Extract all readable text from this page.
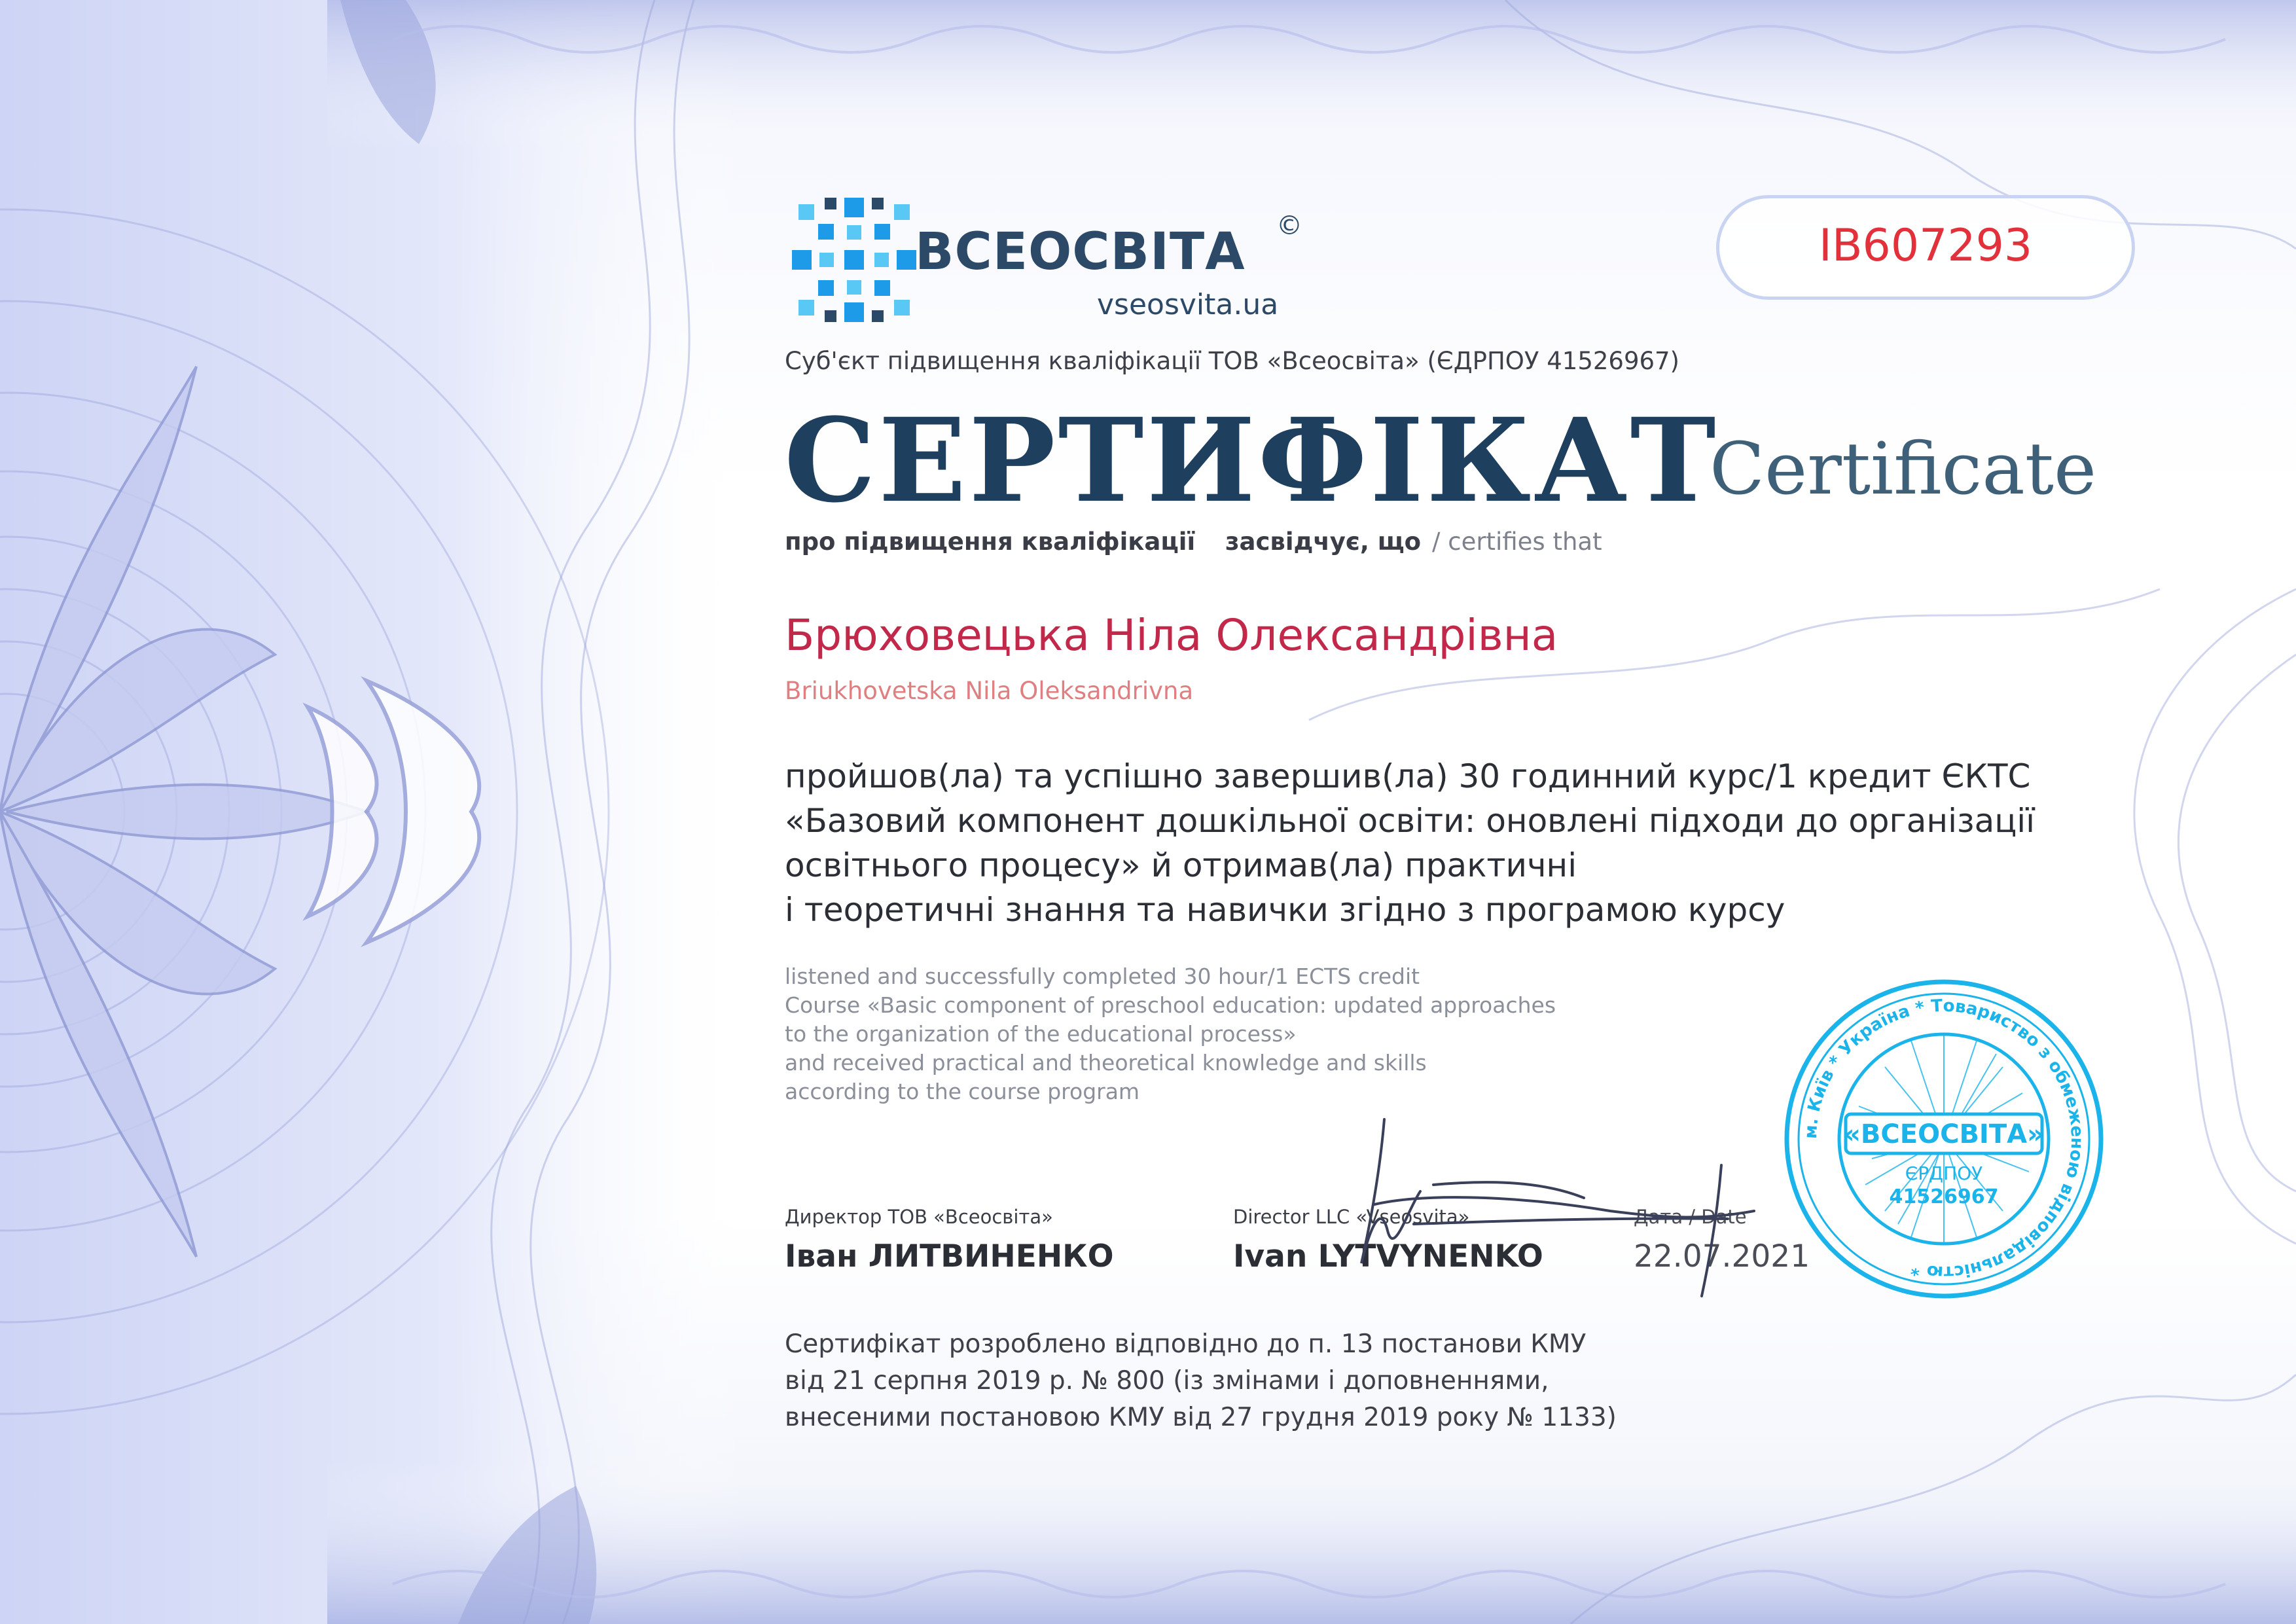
ВСЕОСВІТА ©
vseosvita.ua
IB607293
Суб'єкт підвищення кваліфікації ТОВ «Всеосвіта» (ЄДРПОУ 41526967)
СЕРТИФІКАТ
Certificate
про підвищення кваліфікації засвідчує, що / certifies that
Брюховецька Ніла Олександрівна
Briukhovetska Nila Oleksandrivna
пройшов(ла) та успішно завершив(ла) 30 годинний курс/1 кредит ЄКТС
«Базовий компонент дошкільної освіти: оновлені підходи до організації
освітнього процесу» й отримав(ла) практичні
і теоретичні знання та навички згідно з програмою курсу
listened and successfully completed 30 hour/1 ECTS credit
Course «Basic component of preschool education: updated approaches
to the organization of the educational process»
and received practical and theoretical knowledge and skills
according to the course program
Директор ТОВ «Всеосвіта»
Іван ЛИТВИНЕНКО
Director LLC «Vseosvita»
Ivan LYTVYNENKO
Дата / Date
22.07.2021
м. Київ * Україна * Товариство з обмеженою відповідальністю *
«ВСЕОСВІТА»
ЄРДПОУ
41526967
Сертифікат розроблено відповідно до п. 13 постанови КМУ
від 21 серпня 2019 р. № 800 (із змінами і доповненнями,
внесеними постановою КМУ від 27 грудня 2019 року № 1133)
